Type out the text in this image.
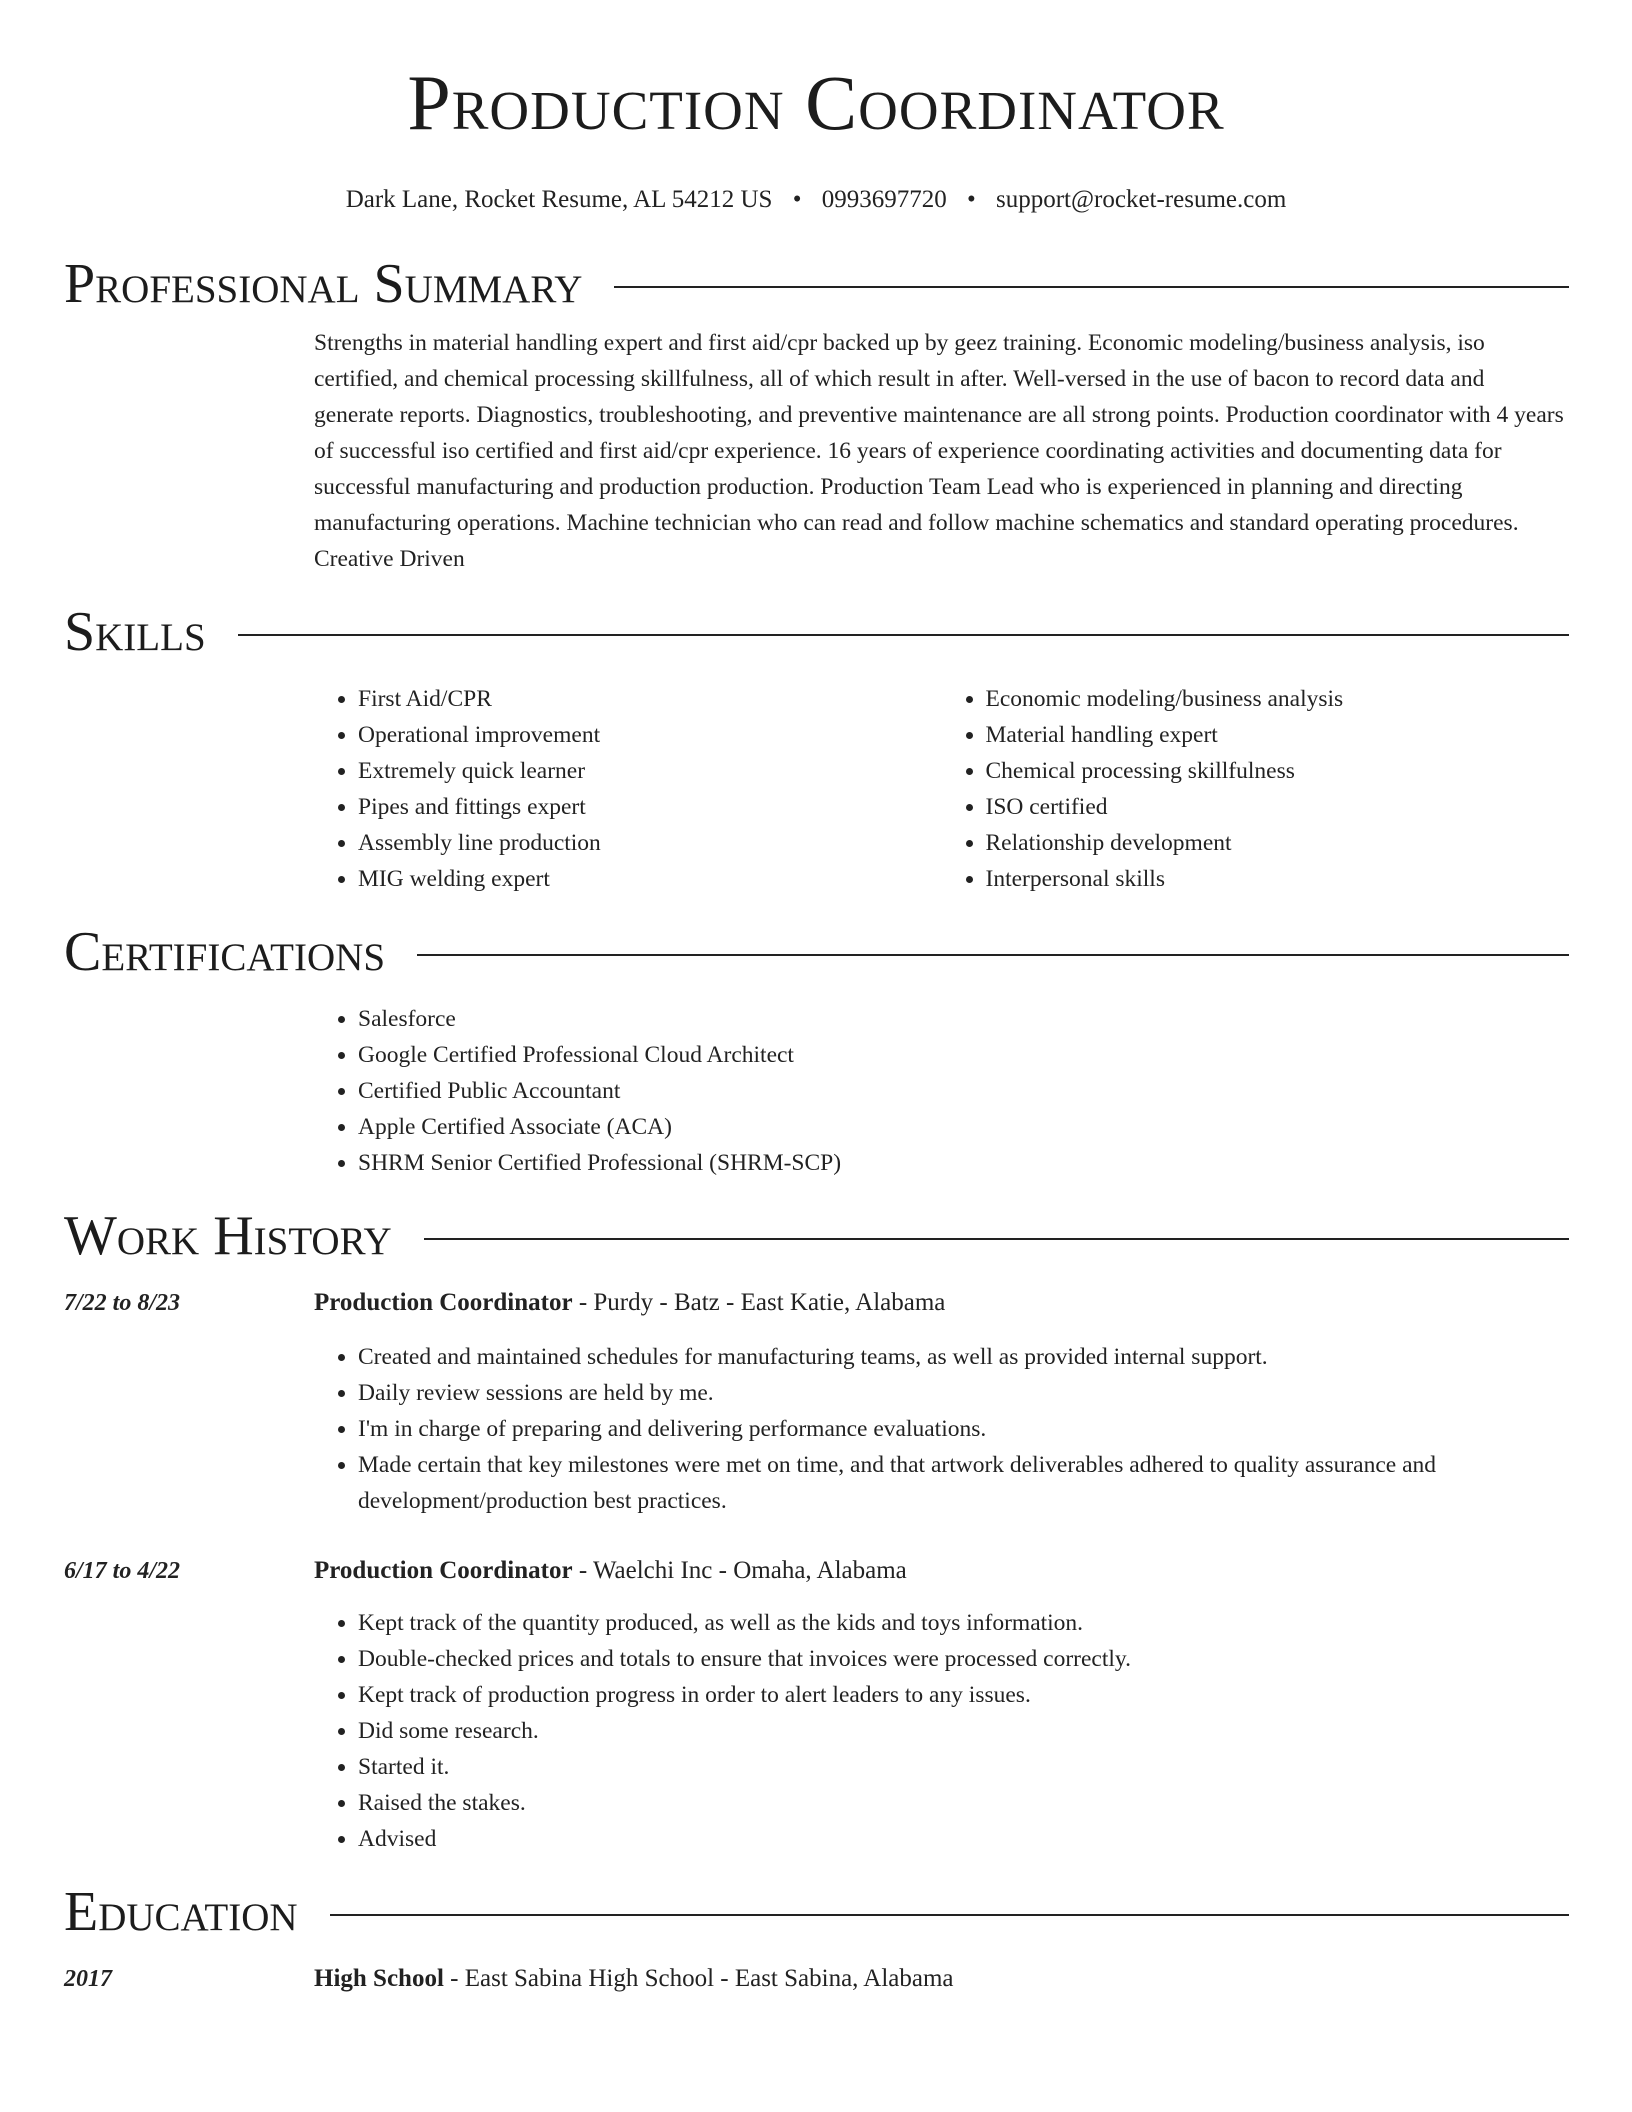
Production Coordinator
Dark Lane, Rocket Resume, AL 54212 US • 0993697720 • support@rocket-resume.com
Professional Summary

Strengths in material handling expert and first aid/cpr backed up by geez training. Economic modeling/business analysis, iso certified, and chemical processing skillfulness, all of which result in after. Well-versed in the use of bacon to record data and generate reports. Diagnostics, troubleshooting, and preventive maintenance are all strong points. Production coordinator with 4 years of successful iso certified and first aid/cpr experience. 16 years of experience coordinating activities and documenting data for successful manufacturing and production production. Production Team Lead who is experienced in planning and directing manufacturing operations. Machine technician who can read and follow machine schematics and standard operating procedures. Creative Driven

Skills
• First Aid/CPR
• Operational improvement
• Extremely quick learner
• Pipes and fittings expert
• Assembly line production
• MIG welding expert
• Economic modeling/business analysis
• Material handling expert
• Chemical processing skillfulness
• ISO certified
• Relationship development
• Interpersonal skills
Certifications
• Salesforce
• Google Certified Professional Cloud Architect
• Certified Public Accountant
• Apple Certified Associate (ACA)
• SHRM Senior Certified Professional (SHRM-SCP)
Work History
7/22 to 8/23	Production Coordinator - Purdy - Batz - East Katie, Alabama
• Created and maintained schedules for manufacturing teams, as well as provided internal support.
• Daily review sessions are held by me.
• I'm in charge of preparing and delivering performance evaluations.
• Made certain that key milestones were met on time, and that artwork deliverables adhered to quality assurance and development/production best practices.
6/17 to 4/22	Production Coordinator - Waelchi Inc - Omaha, Alabama
• Kept track of the quantity produced, as well as the kids and toys information.
• Double-checked prices and totals to ensure that invoices were processed correctly.
• Kept track of production progress in order to alert leaders to any issues.
• Did some research.
• Started it.
• Raised the stakes.
• Advised
Education
2017	High School - East Sabina High School - East Sabina, Alabama
